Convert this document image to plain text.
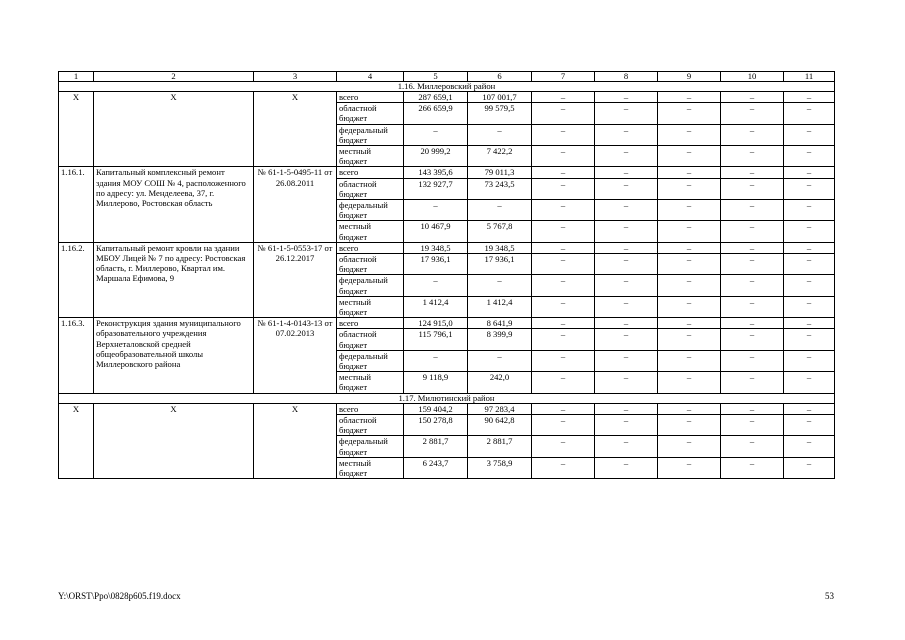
1	2	3	4	5	6	7	8	9	10	11
1.16. Миллеровский район										
X	X	X	всего	287 659,1	107 001,7	–	–	–	–	–
			областной бюджет	266 659,9	99 579,5	–	–	–	–	–
			федеральный бюджет	–	–	–	–	–	–	–
			местный бюджет	20 999,2	7 422,2	–	–	–	–	–
1.16.1.	Капитальный комплексный ремонт здания МОУ СОШ № 4, расположенного по адресу: ул. Менделеева, 37, г. Миллерово, Ростовская область	№ 61-1-5-0495-11 от 26.08.2011	всего	143 395,6	79 011,3	–	–	–	–	–
			областной бюджет	132 927,7	73 243,5	–	–	–	–	–
			федеральный бюджет	–	–	–	–	–	–	–
			местный бюджет	10 467,9	5 767,8	–	–	–	–	–
1.16.2.	Капитальный ремонт кровли на здании МБОУ Лицей № 7 по адресу: Ростовская область, г. Миллерово, Квартал им. Маршала Ефимова, 9	№ 61-1-5-0553-17 от 26.12.2017	всего	19 348,5	19 348,5	–	–	–	–	–
			областной бюджет	17 936,1	17 936,1	–	–	–	–	–
			федеральный бюджет	–	–	–	–	–	–	–
			местный бюджет	1 412,4	1 412,4	–	–	–	–	–
1.16.3.	Реконструкция здания муниципального образовательного учреждения Верхнеталовской средней общеобразовательной школы Миллеровского района	№ 61-1-4-0143-13 от 07.02.2013	всего	124 915,0	8 641,9	–	–	–	–	–
			областной бюджет	115 796,1	8 399,9	–	–	–	–	–
			федеральный бюджет	–	–	–	–	–	–	–
			местный бюджет	9 118,9	242,0	–	–	–	–	–
1.17. Милютинский район										
X	X	X	всего	159 404,2	97 283,4	–	–	–	–	–
			областной бюджет	150 278,8	90 642,8	–	–	–	–	–
			федеральный бюджет	2 881,7	2 881,7	–	–	–	–	–
			местный бюджет	6 243,7	3 758,9	–	–	–	–	–
Y:\ORST\Ppo\0828p605.f19.docx	53
